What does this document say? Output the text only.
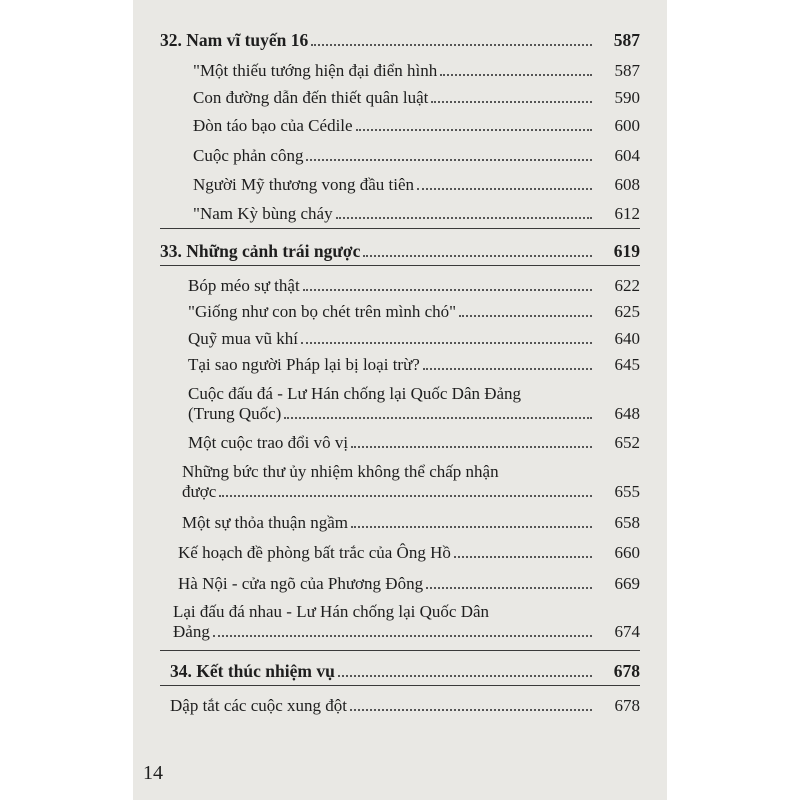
32. Nam vĩ tuyến 16	587
"Một thiếu tướng hiện đại điển hình	587
Con đường dẫn đến thiết quân luật	590
Đòn táo bạo của Cédile	600
Cuộc phản công	604
Người Mỹ thương vong đầu tiên	608
"Nam Kỳ bùng cháy	612
33. Những cảnh trái ngược	619
Bóp méo sự thật	622
"Giống như con bọ chét trên mình chó"	625
Quỹ mua vũ khí	640
Tại sao người Pháp lại bị loại trừ?	645
Cuộc đấu đá - Lư Hán chống lại Quốc Dân Đảng
(Trung Quốc)	648
Một cuộc trao đổi vô vị	652
Những bức thư ủy nhiệm không thể chấp nhận
được	655
Một sự thỏa thuận ngầm	658
Kế hoạch đề phòng bất trắc của Ông Hồ	660
Hà Nội - cửa ngõ của Phương Đông	669
Lại đấu đá nhau - Lư Hán chống lại Quốc Dân
Đảng	674
34. Kết thúc nhiệm vụ	678
Dập tắt các cuộc xung đột	678
14
